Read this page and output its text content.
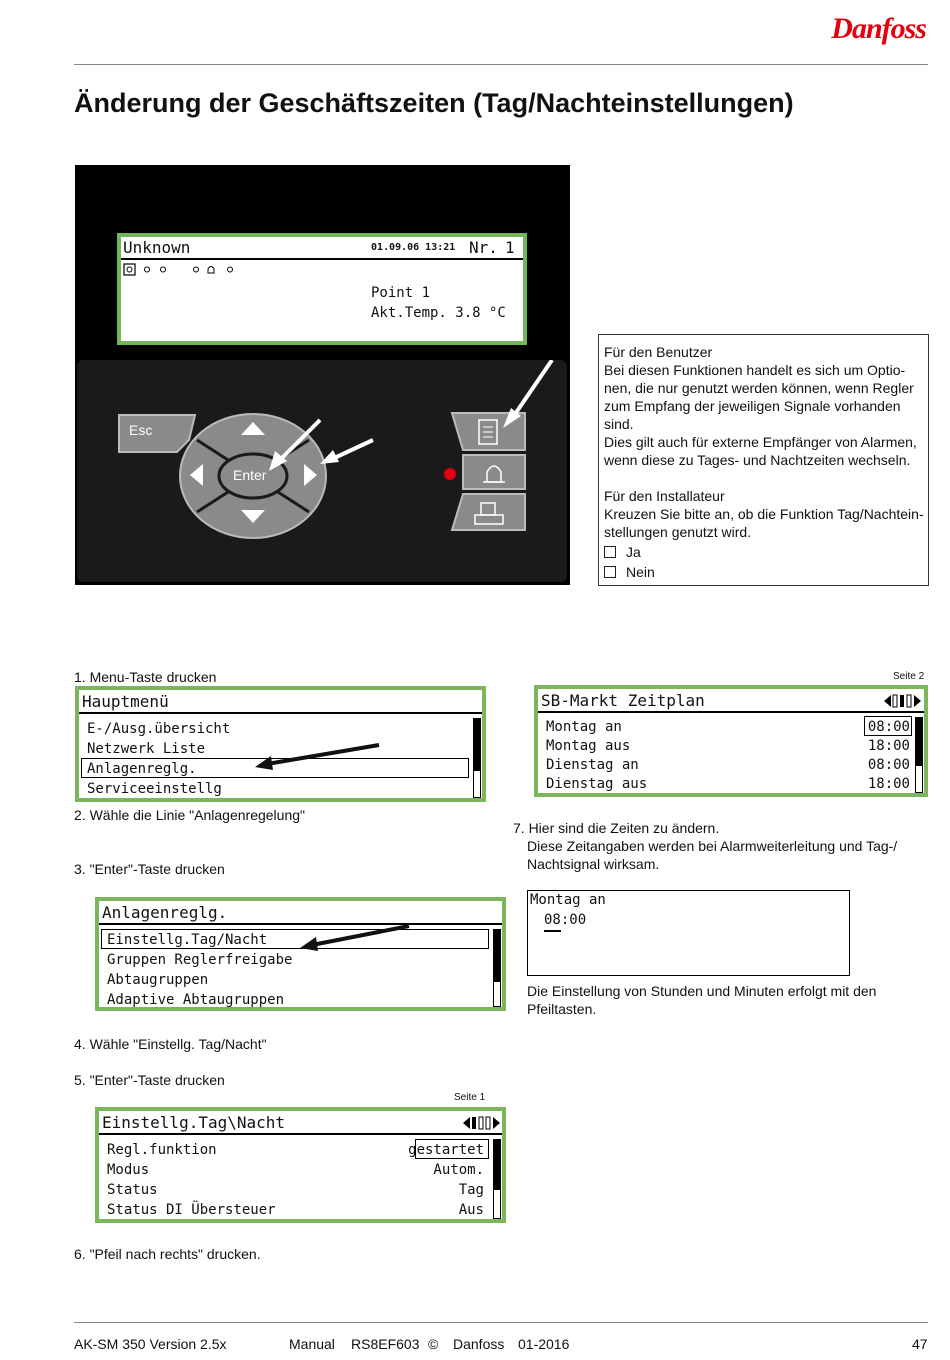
Danfoss
Änderung der Geschäftszeiten (Tag/Nachteinstellungen)
Unknown	01.09.06 13:21 Nr. 1
Point 1
Akt.Temp. 3.8 °C
Esc
Enter

Für den Benutzer

Bei diesen Funktionen handelt es sich um Optio-

nen, die nur genutzt werden können, wenn Regler

zum Empfang der jeweiligen Signale vorhanden

sind.

Dies gilt auch für externe Empfänger von Alarmen,

wenn diese zu Tages- und Nachtzeiten wechseln.

Für den Installateur

Kreuzen Sie bitte an, ob die Funktion Tag/Nachtein-

stellungen genutzt wird.

Ja

Nein

1. Menu-Taste drucken
Hauptmenü
E-/Ausg.übersicht
Netzwerk Liste
Anlagenreglg.
Serviceeinstellg
2. Wähle die Linie "Anlagenregelung"
3. "Enter"-Taste drucken
Anlagenreglg.
Einstellg.Tag/Nacht
Gruppen Reglerfreigabe
Abtaugruppen
Adaptive Abtaugruppen
4. Wähle "Einstellg. Tag/Nacht"
5. "Enter"-Taste drucken
Seite 1
Einstellg.Tag\Nacht
Regl.funktion	gestartet
Modus	Autom.
Status	Tag
Status DI Übersteuer	Aus
6. "Pfeil nach rechts" drucken.
Seite 2
SB-Markt Zeitplan
Montag an	08:00
Montag aus	18:00
Dienstag an	08:00
Dienstag aus	18:00
7. Hier sind die Zeiten zu ändern.
Diese Zeitangaben werden bei Alarmweiterleitung und Tag-/
Nachtsignal wirksam.
Montag an
08:00
Die Einstellung von Stunden und Minuten erfolgt mit den
Pfeiltasten.
AK-SM 350 Version 2.5x	Manual RS8EF603 © Danfoss 01-2016	47
